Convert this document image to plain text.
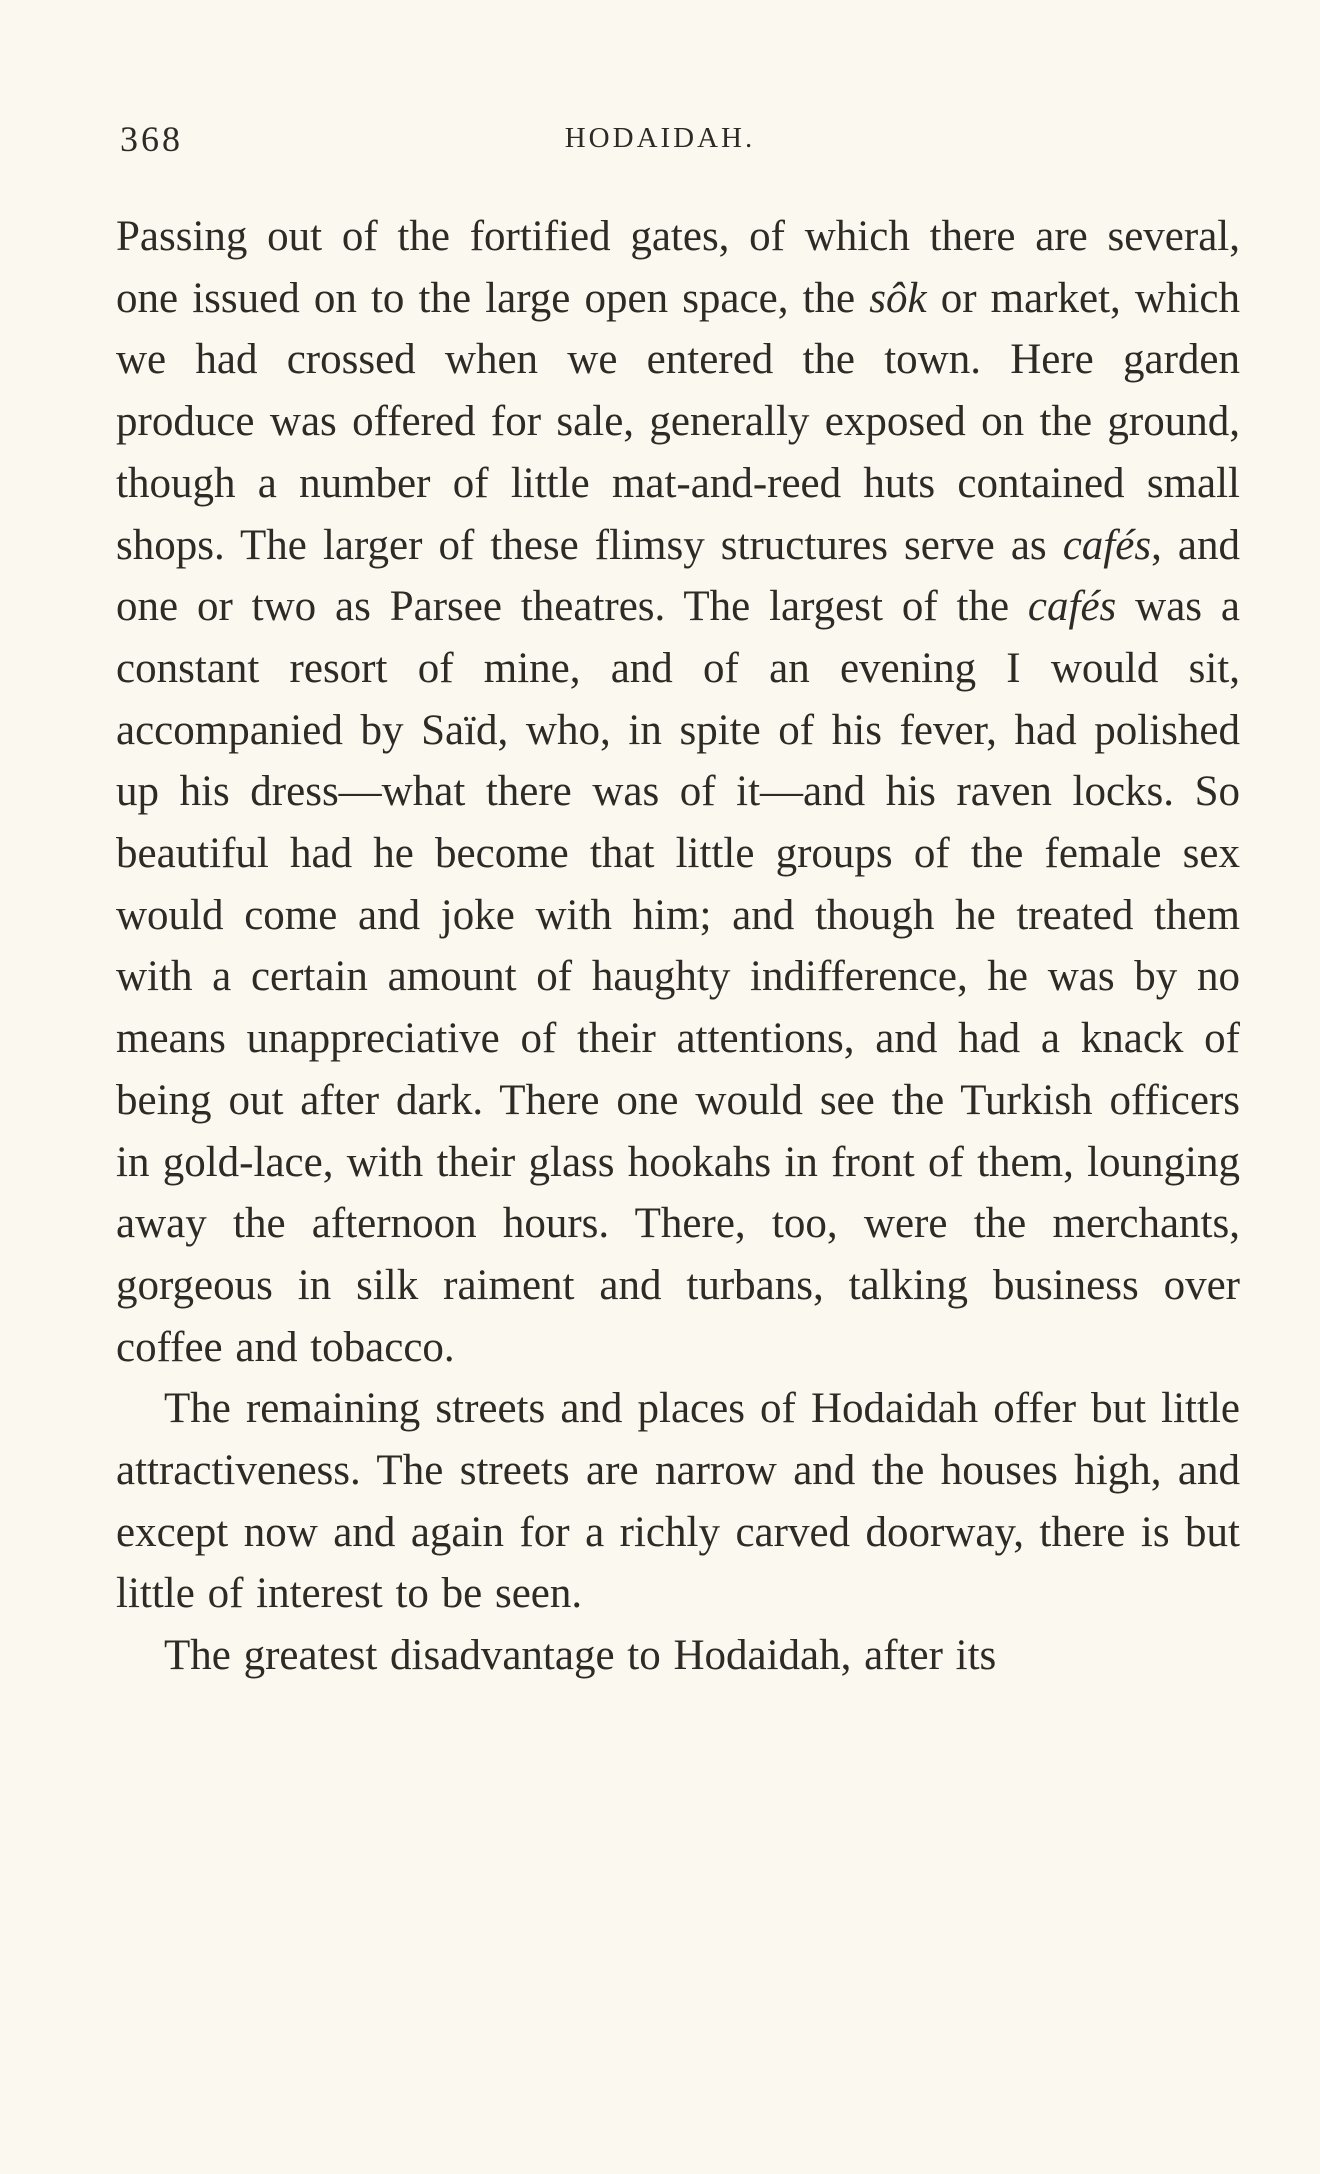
368	HODAIDAH.

Passing out of the fortified gates, of which there are several, one issued on to the large open space, the sôk or market, which we had crossed when we entered the town. Here garden produce was offered for sale, generally exposed on the ground, though a number of little mat-and-reed huts contained small shops. The larger of these flimsy structures serve as cafés, and one or two as Parsee theatres. The largest of the cafés was a constant resort of mine, and of an evening I would sit, accompanied by Saïd, who, in spite of his fever, had polished up his dress—what there was of it—and his raven locks. So beautiful had he become that little groups of the female sex would come and joke with him; and though he treated them with a certain amount of haughty indifference, he was by no means unappreciative of their attentions, and had a knack of being out after dark. There one would see the Turkish officers in gold-lace, with their glass hookahs in front of them, lounging away the afternoon hours. There, too, were the merchants, gorgeous in silk raiment and turbans, talking business over coffee and tobacco.

The remaining streets and places of Hodaidah offer but little attractiveness. The streets are narrow and the houses high, and except now and again for a richly carved doorway, there is but little of interest to be seen.

The greatest disadvantage to Hodaidah, after its
